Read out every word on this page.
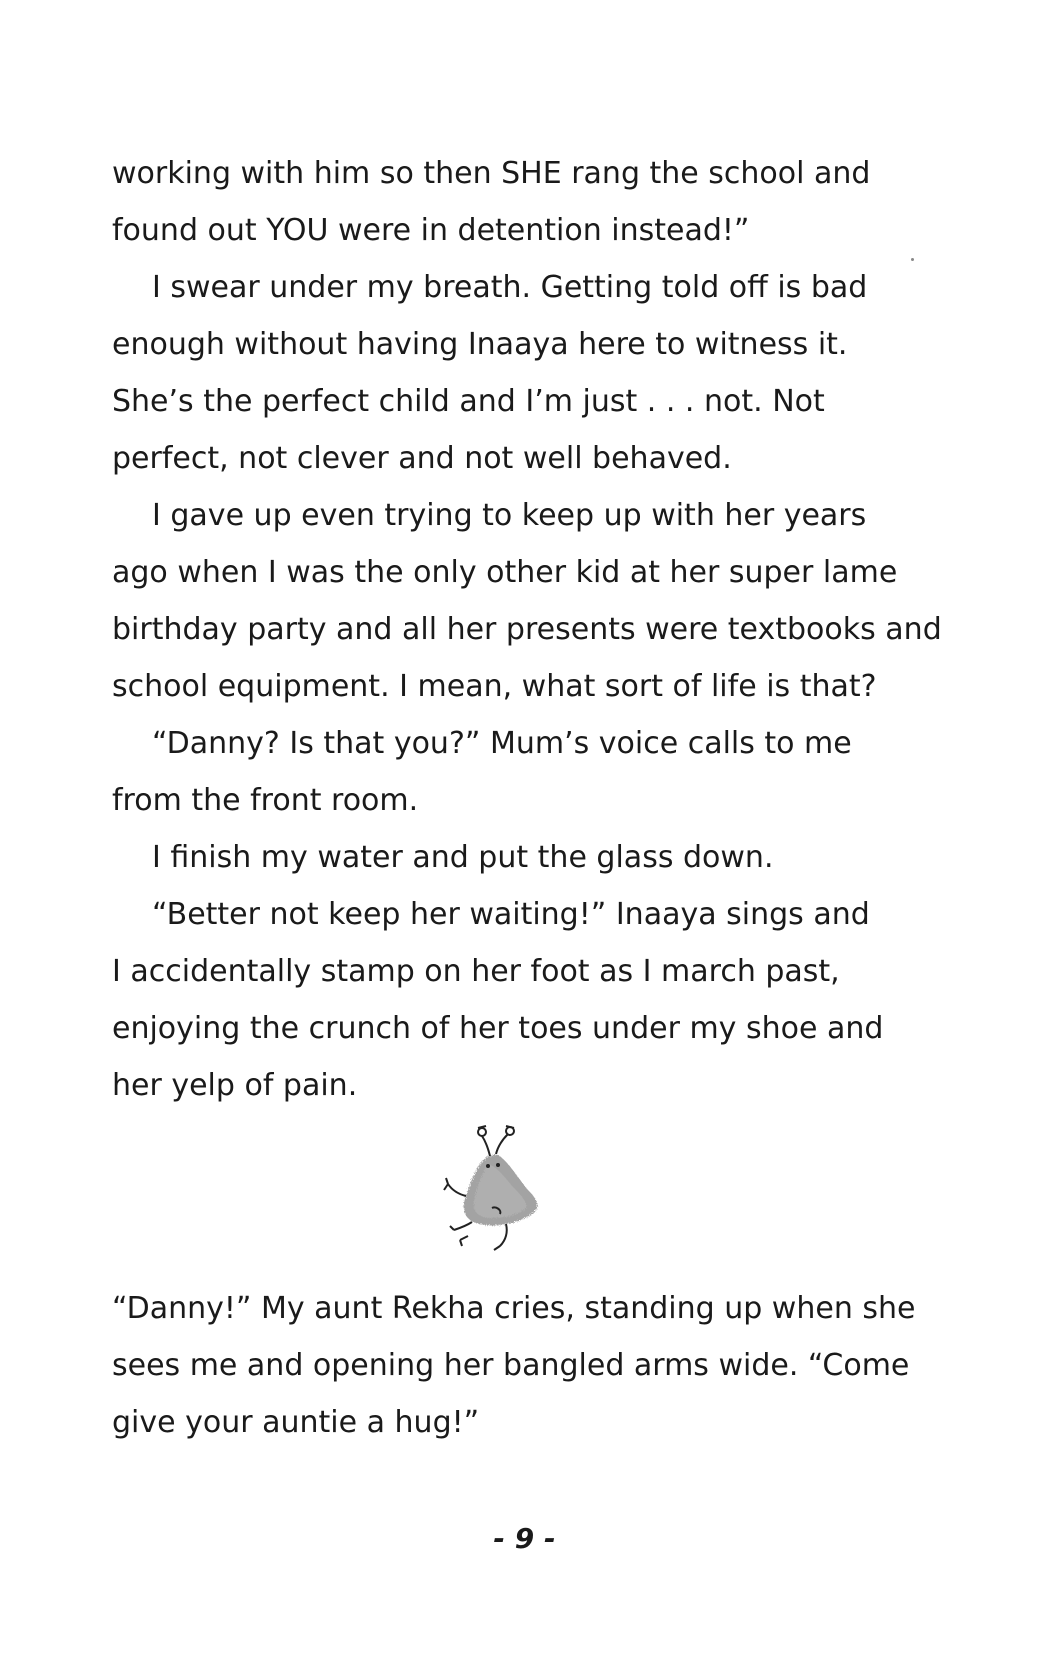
working with him so then SHE rang the school and
found out YOU were in detention instead!”
I swear under my breath. Getting told off is bad
enough without having Inaaya here to witness it.
She’s the perfect child and I’m just . . . not. Not
perfect, not clever and not well behaved.
I gave up even trying to keep up with her years
ago when I was the only other kid at her super lame
birthday party and all her presents were textbooks and
school equipment. I mean, what sort of life is that?
“Danny? Is that you?” Mum’s voice calls to me
from the front room.
I finish my water and put the glass down.
“Better not keep her waiting!” Inaaya sings and
I accidentally stamp on her foot as I march past,
enjoying the crunch of her toes under my shoe and
her yelp of pain.
“Danny!” My aunt Rekha cries, standing up when she
sees me and opening her bangled arms wide. “Come
give your auntie a hug!”
- 9 -
